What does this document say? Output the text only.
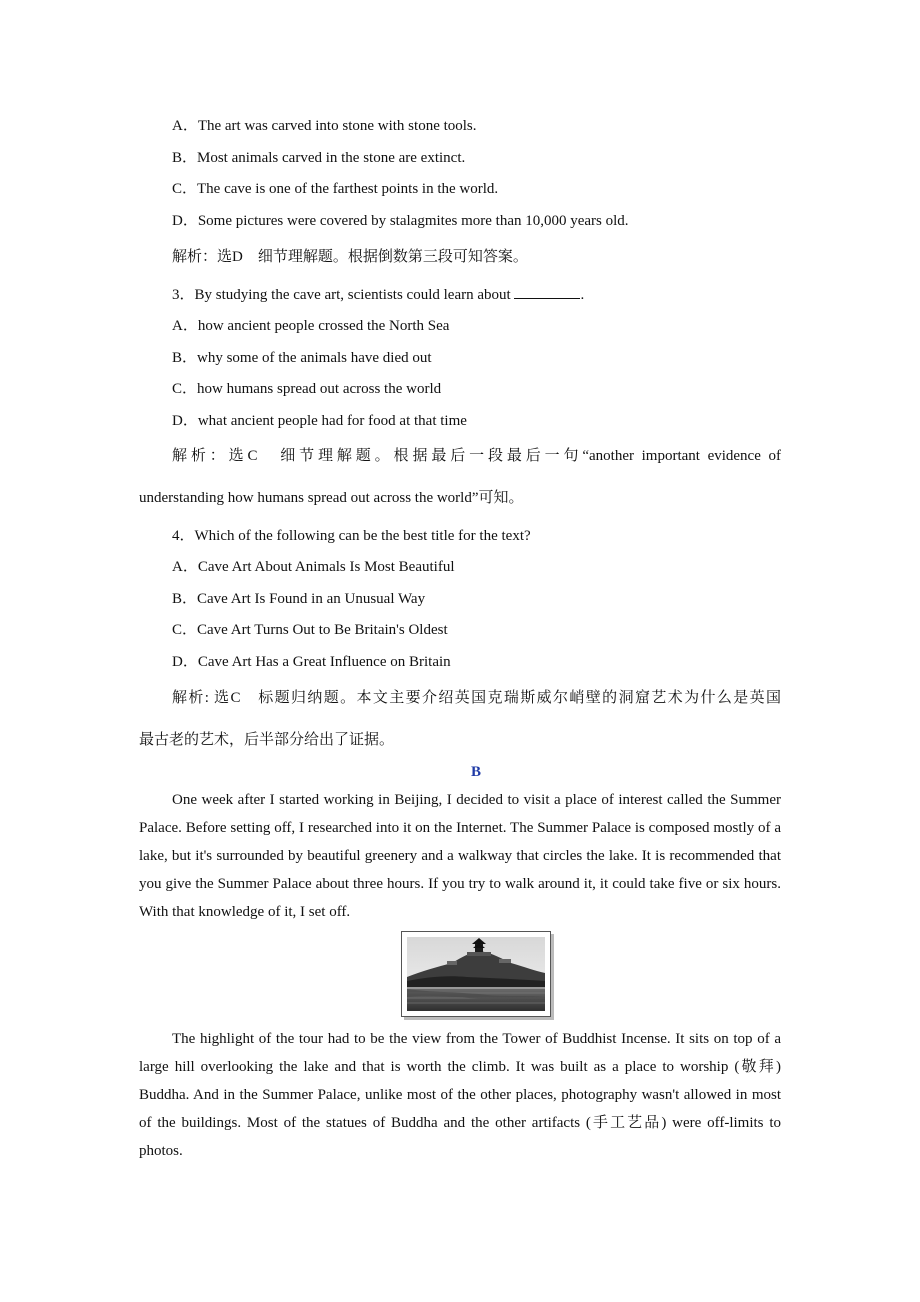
A．The art was carved into stone with stone tools.
B．Most animals carved in the stone are extinct.
C．The cave is one of the farthest points in the world.
D．Some pictures were covered by stalagmites more than 10,000 years old.
解析：选D　细节理解题。根据倒数第三段可知答案。
3．By studying the cave art, scientists could learn about	.
A．how ancient people crossed the North Sea
B．why some of the animals have died out
C．how humans spread out across the world
D．what ancient people had for food at that time
解析：选C　细节理解题。根据最后一段最后一句“another important evidence of
understanding how humans spread out across the world”可知。
4．Which of the following can be the best title for the text?
A．Cave Art About Animals Is Most Beautiful
B．Cave Art Is Found in an Unusual Way
C．Cave Art Turns Out to Be Britain's Oldest
D．Cave Art Has a Great Influence on Britain
解析: 选C　标题归纳题。本文主要介绍英国克瑞斯威尔峭壁的洞窟艺术为什么是英国
最古老的艺术，后半部分给出了证据。
B

One week after I started working in Beijing, I decided to visit a place of interest called the Summer Palace. Before setting off, I researched into it on the Internet. The Summer Palace is composed mostly of a lake, but it's surrounded by beautiful greenery and a walkway that circles the lake. It is recommended that you give the Summer Palace about three hours. If you try to walk around it, it could take five or six hours. With that knowledge of it, I set off.

The highlight of the tour had to be the view from the Tower of Buddhist Incense. It sits on top of a large hill overlooking the lake and that is worth the climb. It was built as a place to worship (敬拜) Buddha. And in the Summer Palace, unlike most of the other places, photography wasn't allowed in most of the buildings. Most of the statues of Buddha and the other artifacts (手工艺品) were off-limits to photos.
